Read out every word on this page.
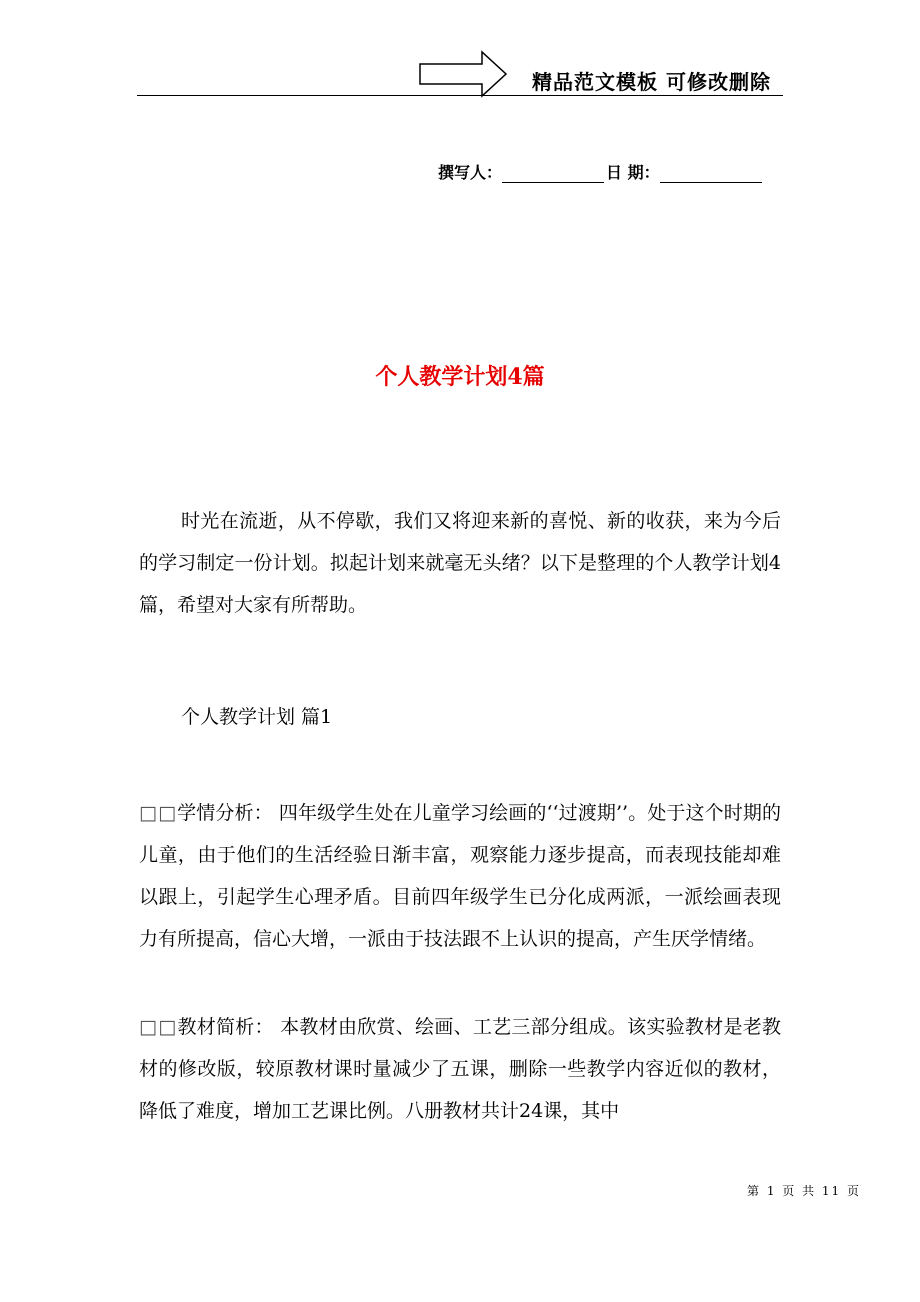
精品范文模板 可修改删除
撰写人：	日 期：
个人教学计划4篇
时光在流逝，从不停歇，我们又将迎来新的喜悦、新的收获，来为今后的学习制定一份计划。拟起计划来就毫无头绪？以下是整理的个人教学计划4篇，希望对大家有所帮助。
个人教学计划 篇1
□□学情分析： 四年级学生处在儿童学习绘画的‘‘过渡期’’。处于这个时期的儿童，由于他们的生活经验日渐丰富，观察能力逐步提高，而表现技能却难以跟上，引起学生心理矛盾。目前四年级学生已分化成两派，一派绘画表现力有所提高，信心大增，一派由于技法跟不上认识的提高，产生厌学情绪。
□□教材简析： 本教材由欣赏、绘画、工艺三部分组成。该实验教材是老教材的修改版，较原教材课时量减少了五课，删除一些教学内容近似的教材，降低了难度，增加工艺课比例。八册教材共计24课，其中
第 1 页 共 11 页
